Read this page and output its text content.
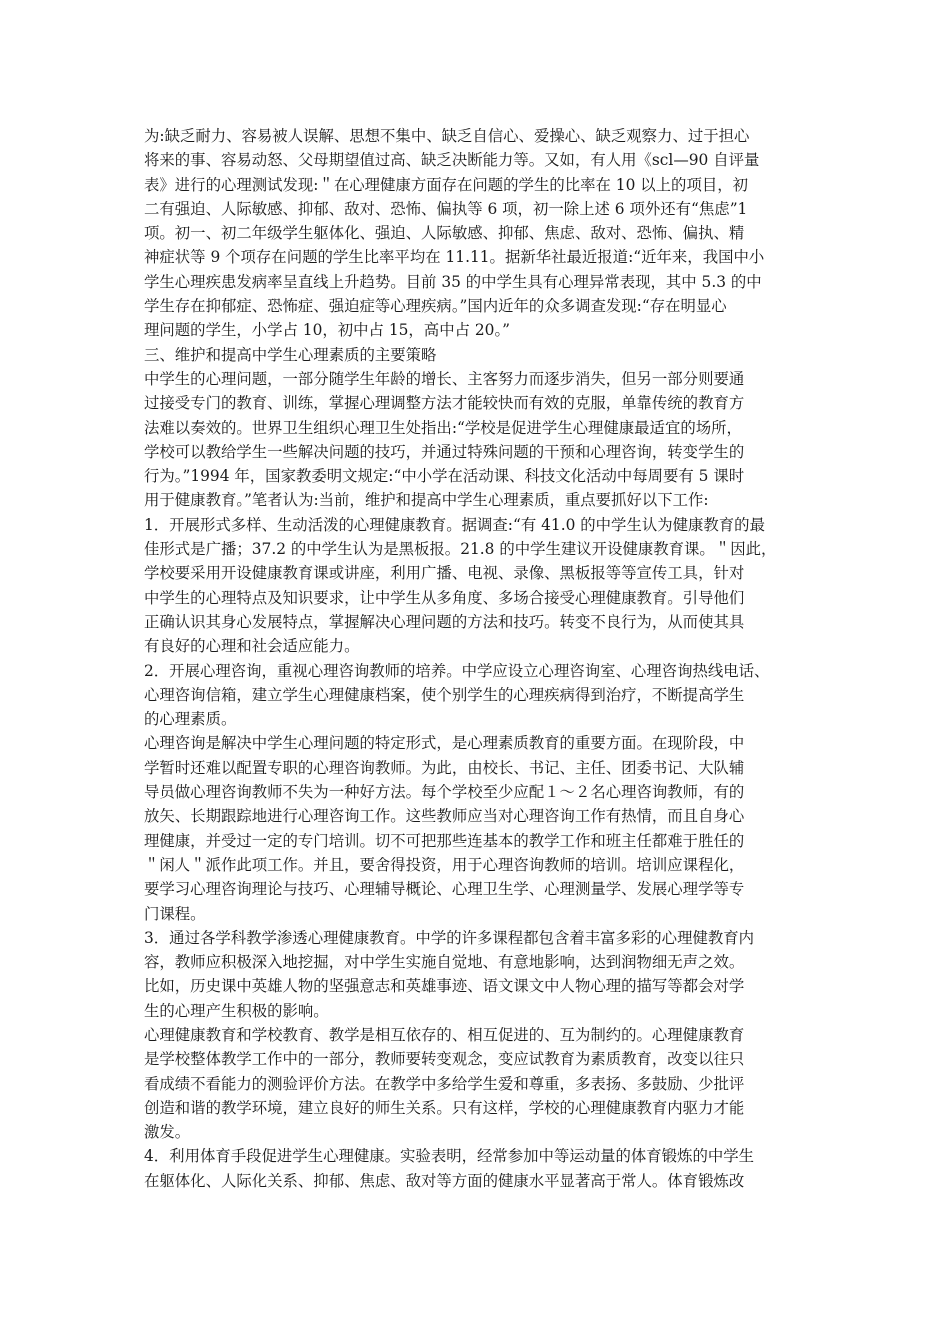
为:缺乏耐力、容易被人误解、思想不集中、缺乏自信心、爱操心、缺乏观察力、过于担心
将来的事、容易动怒、父母期望值过高、缺乏决断能力等。又如，有人用《scl—90 自评量
表》进行的心理测试发现:＂在心理健康方面存在问题的学生的比率在 10 以上的项目，初
二有强迫、人际敏感、抑郁、敌对、恐怖、偏执等 6 项，初一除上述 6 项外还有“焦虑”1
项。初一、初二年级学生躯体化、强迫、人际敏感、抑郁、焦虑、敌对、恐怖、偏执、精
神症状等 9 个项存在问题的学生比率平均在 11.11。据新华社最近报道:“近年来，我国中小
学生心理疾患发病率呈直线上升趋势。目前 35 的中学生具有心理异常表现，其中 5.3 的中
学生存在抑郁症、恐怖症、强迫症等心理疾病。”国内近年的众多调查发现:“存在明显心
理问题的学生，小学占 10，初中占 15，高中占 20。”
三、维护和提高中学生心理素质的主要策略
中学生的心理问题，一部分随学生年龄的增长、主客努力而逐步消失，但另一部分则要通
过接受专门的教育、训练，掌握心理调整方法才能较快而有效的克服，单靠传统的教育方
法难以奏效的。世界卫生组织心理卫生处指出:“学校是促进学生心理健康最适宜的场所，
学校可以教给学生一些解决问题的技巧，并通过特殊问题的干预和心理咨询，转变学生的
行为。”1994 年，国家教委明文规定:“中小学在活动课、科技文化活动中每周要有 5 课时
用于健康教育。”笔者认为:当前，维护和提高中学生心理素质，重点要抓好以下工作:
1．开展形式多样、生动活泼的心理健康教育。据调查:“有 41.0 的中学生认为健康教育的最
佳形式是广播；37.2 的中学生认为是黑板报。21.8 的中学生建议开设健康教育课。＂因此，
学校要采用开设健康教育课或讲座，利用广播、电视、录像、黑板报等等宣传工具，针对
中学生的心理特点及知识要求，让中学生从多角度、多场合接受心理健康教育。引导他们
正确认识其身心发展特点，掌握解决心理问题的方法和技巧。转变不良行为，从而使其具
有良好的心理和社会适应能力。
2．开展心理咨询，重视心理咨询教师的培养。中学应设立心理咨询室、心理咨询热线电话、
心理咨询信箱，建立学生心理健康档案，使个别学生的心理疾病得到治疗，不断提高学生
的心理素质。
心理咨询是解决中学生心理问题的特定形式，是心理素质教育的重要方面。在现阶段，中
学暂时还难以配置专职的心理咨询教师。为此，由校长、书记、主任、团委书记、大队辅
导员做心理咨询教师不失为一种好方法。每个学校至少应配１～２名心理咨询教师，有的
放矢、长期跟踪地进行心理咨询工作。这些教师应当对心理咨询工作有热情，而且自身心
理健康，并受过一定的专门培训。切不可把那些连基本的教学工作和班主任都难于胜任的
＂闲人＂派作此项工作。并且，要舍得投资，用于心理咨询教师的培训。培训应课程化，
要学习心理咨询理论与技巧、心理辅导概论、心理卫生学、心理测量学、发展心理学等专
门课程。
3．通过各学科教学渗透心理健康教育。中学的许多课程都包含着丰富多彩的心理健教育内
容，教师应积极深入地挖掘，对中学生实施自觉地、有意地影响，达到润物细无声之效。
比如，历史课中英雄人物的坚强意志和英雄事迹、语文课文中人物心理的描写等都会对学
生的心理产生积极的影响。
心理健康教育和学校教育、教学是相互依存的、相互促进的、互为制约的。心理健康教育
是学校整体教学工作中的一部分，教师要转变观念，变应试教育为素质教育，改变以往只
看成绩不看能力的测验评价方法。在教学中多给学生爱和尊重，多表扬、多鼓励、少批评
创造和谐的教学环境，建立良好的师生关系。只有这样，学校的心理健康教育内驱力才能
激发。
4．利用体育手段促进学生心理健康。实验表明，经常参加中等运动量的体育锻炼的中学生
在躯体化、人际化关系、抑郁、焦虑、敌对等方面的健康水平显著高于常人。体育锻炼改
